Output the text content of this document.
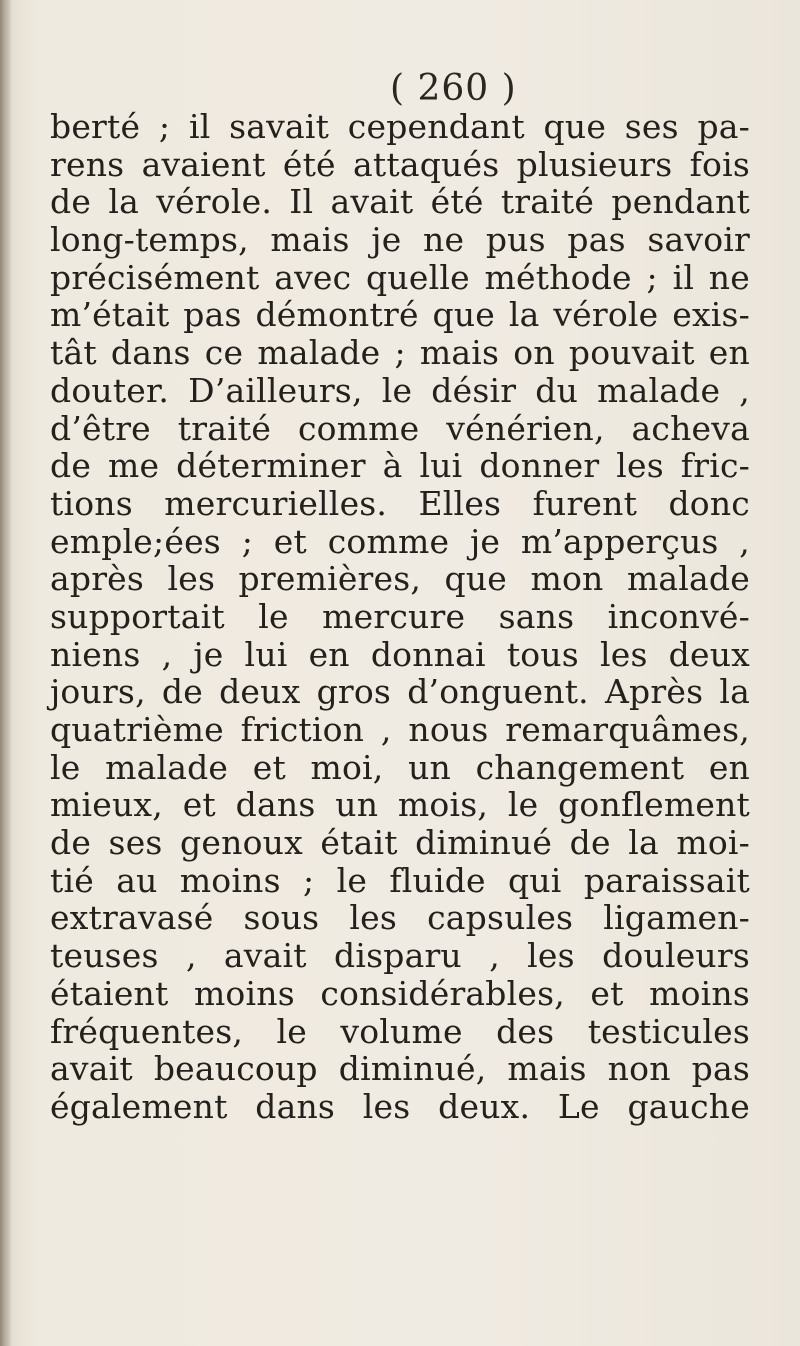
( 260 )
berté ; il savait cependant que ses pa-
rens avaient été attaqués plusieurs fois
de la vérole. Il avait été traité pendant
long-temps, mais je ne pus pas savoir
précisément avec quelle méthode ; il ne
m’était pas démontré que la vérole exis-
tât dans ce malade ; mais on pouvait en
douter. D’ailleurs, le désir du malade ,
d’être traité comme vénérien, acheva
de me déterminer à lui donner les fric-
tions mercurielles. Elles furent donc
emple;ées ; et comme je m’apperçus ,
après les premières, que mon malade
supportait le mercure sans inconvé-
niens , je lui en donnai tous les deux
jours, de deux gros d’onguent. Après la
quatrième friction , nous remarquâmes,
le malade et moi, un changement en
mieux, et dans un mois, le gonflement
de ses genoux était diminué de la moi-
tié au moins ; le fluide qui paraissait
extravasé sous les capsules ligamen-
teuses , avait disparu , les douleurs
étaient moins considérables, et moins
fréquentes, le volume des testicules
avait beaucoup diminué, mais non pas
également dans les deux. Le gauche
